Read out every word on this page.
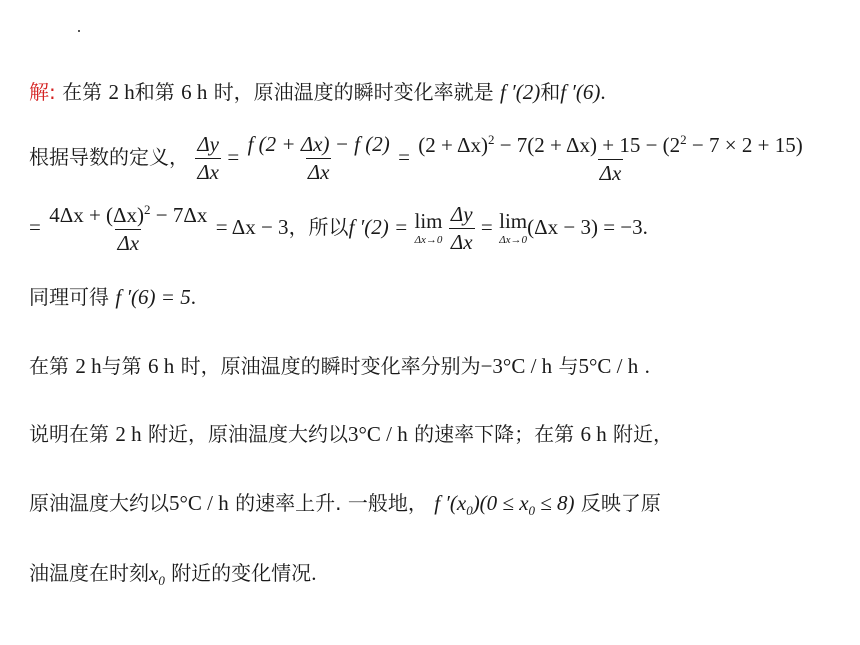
解: 在第 2 h和第 6 h 时，原油温度的瞬时变化率就是 f ′(2)和f ′(6).
根据导数的定义， $\frac{\Delta y}{\Delta x} = \frac{f (2 + \Delta x) - f (2)}{\Delta x} = \frac{(2 + \Delta x)^2 - 7(2 + \Delta x) + 15 - (2^2 - 7 \times 2 + 15)}{\Delta x}$
= $\frac{4\Delta x + (\Delta x)^2 - 7\Delta x}{\Delta x} = \Delta x - 3$，所以f ′(2) = lim
Δx→0
$\frac{\Delta y}{\Delta x} = \lim$
Δx→0
(Δx − 3) = −3.
同理可得 f ′(6) = 5.
在第 2 h与第 6 h 时，原油温度的瞬时变化率分别为−3°C / h 与5°C / h .
说明在第 2 h 附近，原油温度大约以3°C / h 的速率下降；在第 6 h 附近，
原油温度大约以5°C / h 的速率上升. 一般地， f $'(x_0)(0 \le x_0 \le 8)$ 反映了原
油温度在时刻$x_0$ 附近的变化情况.
